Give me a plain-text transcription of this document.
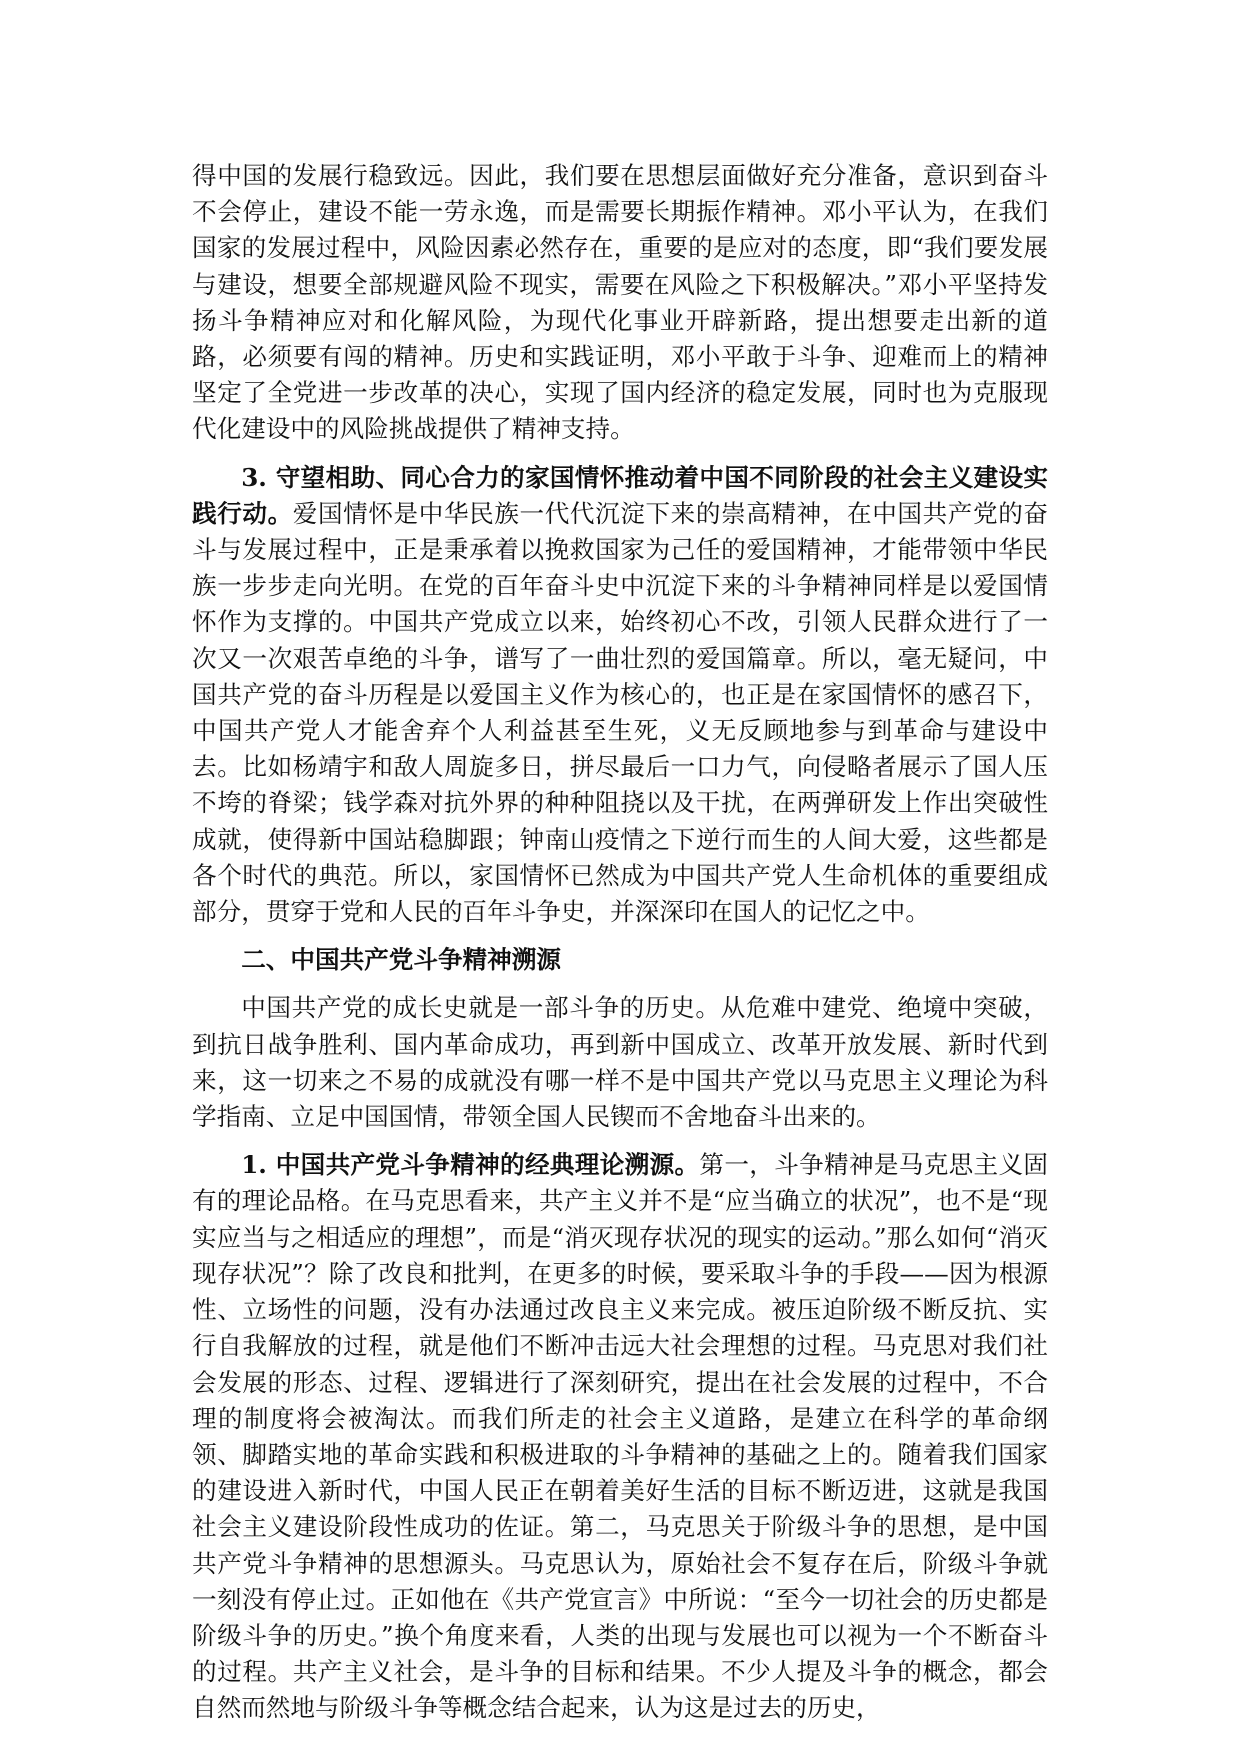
得中国的发展行稳致远。因此，我们要在思想层面做好充分准备，意识到奋斗不会停止，建设不能一劳永逸，而是需要长期振作精神。邓小平认为，在我们国家的发展过程中，风险因素必然存在，重要的是应对的态度，即“我们要发展与建设，想要全部规避风险不现实，需要在风险之下积极解决。”邓小平坚持发扬斗争精神应对和化解风险，为现代化事业开辟新路，提出想要走出新的道路，必须要有闯的精神。历史和实践证明，邓小平敢于斗争、迎难而上的精神坚定了全党进一步改革的决心，实现了国内经济的稳定发展，同时也为克服现代化建设中的风险挑战提供了精神支持。

3. 守望相助、同心合力的家国情怀推动着中国不同阶段的社会主义建设实践行动。爱国情怀是中华民族一代代沉淀下来的崇高精神，在中国共产党的奋斗与发展过程中，正是秉承着以挽救国家为己任的爱国精神，才能带领中华民族一步步走向光明。在党的百年奋斗史中沉淀下来的斗争精神同样是以爱国情怀作为支撑的。中国共产党成立以来，始终初心不改，引领人民群众进行了一次又一次艰苦卓绝的斗争，谱写了一曲壮烈的爱国篇章。所以，毫无疑问，中国共产党的奋斗历程是以爱国主义作为核心的，也正是在家国情怀的感召下，中国共产党人才能舍弃个人利益甚至生死，义无反顾地参与到革命与建设中去。比如杨靖宇和敌人周旋多日，拼尽最后一口力气，向侵略者展示了国人压不垮的脊梁；钱学森对抗外界的种种阻挠以及干扰，在两弹研发上作出突破性成就，使得新中国站稳脚跟；钟南山疫情之下逆行而生的人间大爱，这些都是各个时代的典范。所以，家国情怀已然成为中国共产党人生命机体的重要组成部分，贯穿于党和人民的百年斗争史，并深深印在国人的记忆之中。

二、中国共产党斗争精神溯源

中国共产党的成长史就是一部斗争的历史。从危难中建党、绝境中突破，到抗日战争胜利、国内革命成功，再到新中国成立、改革开放发展、新时代到来，这一切来之不易的成就没有哪一样不是中国共产党以马克思主义理论为科学指南、立足中国国情，带领全国人民锲而不舍地奋斗出来的。

1. 中国共产党斗争精神的经典理论溯源。第一，斗争精神是马克思主义固有的理论品格。在马克思看来，共产主义并不是“应当确立的状况”，也不是“现实应当与之相适应的理想”，而是“消灭现存状况的现实的运动。”那么如何“消灭现存状况”？除了改良和批判，在更多的时候，要采取斗争的手段——因为根源性、立场性的问题，没有办法通过改良主义来完成。被压迫阶级不断反抗、实行自我解放的过程，就是他们不断冲击远大社会理想的过程。马克思对我们社会发展的形态、过程、逻辑进行了深刻研究，提出在社会发展的过程中，不合理的制度将会被淘汰。而我们所走的社会主义道路，是建立在科学的革命纲领、脚踏实地的革命实践和积极进取的斗争精神的基础之上的。随着我们国家的建设进入新时代，中国人民正在朝着美好生活的目标不断迈进，这就是我国社会主义建设阶段性成功的佐证。第二，马克思关于阶级斗争的思想，是中国共产党斗争精神的思想源头。马克思认为，原始社会不复存在后，阶级斗争就一刻没有停止过。正如他在《共产党宣言》中所说：“至今一切社会的历史都是阶级斗争的历史。”换个角度来看，人类的出现与发展也可以视为一个不断奋斗的过程。共产主义社会，是斗争的目标和结果。不少人提及斗争的概念，都会自然而然地与阶级斗争等概念结合起来，认为这是过去的历史，
